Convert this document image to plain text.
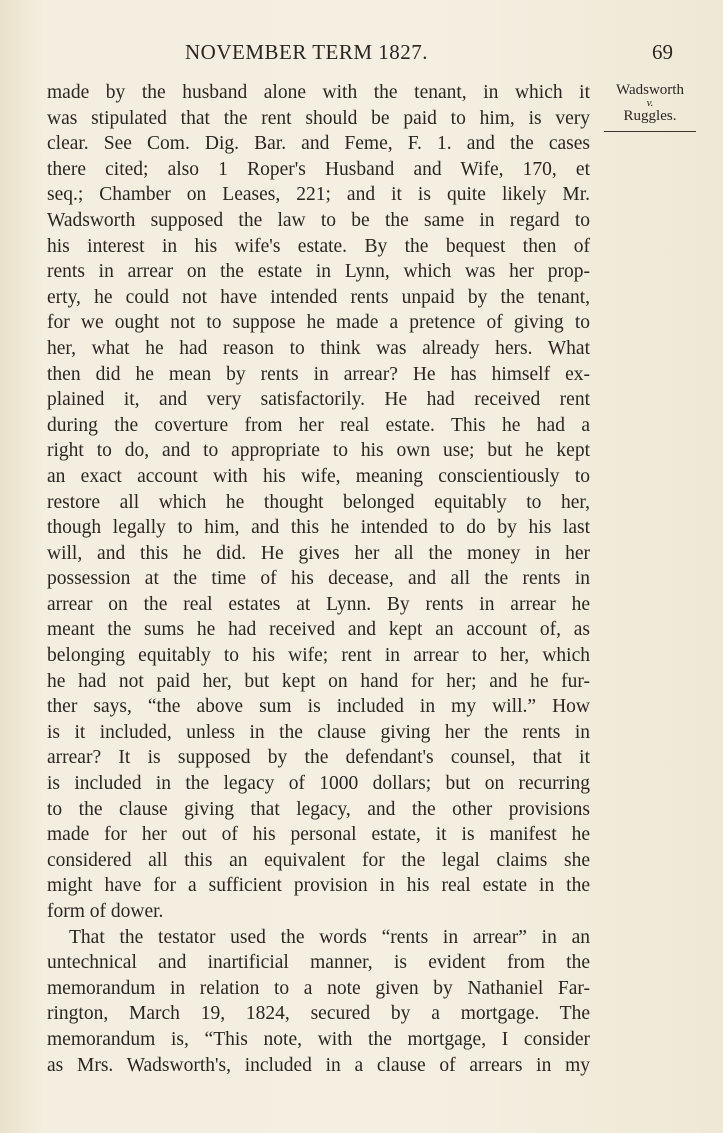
NOVEMBER TERM 1827.	69
Wadsworth
v.
Ruggles.
made by the husband alone with the tenant, in which it
was stipulated that the rent should be paid to him, is very
clear. See Com. Dig. Bar. and Feme, F. 1. and the cases
there cited; also 1 Roper's Husband and Wife, 170, et
seq.; Chamber on Leases, 221; and it is quite likely Mr.
Wadsworth supposed the law to be the same in regard to
his interest in his wife's estate. By the bequest then of
rents in arrear on the estate in Lynn, which was her prop-
erty, he could not have intended rents unpaid by the tenant,
for we ought not to suppose he made a pretence of giving to
her, what he had reason to think was already hers. What
then did he mean by rents in arrear? He has himself ex-
plained it, and very satisfactorily. He had received rent
during the coverture from her real estate. This he had a
right to do, and to appropriate to his own use; but he kept
an exact account with his wife, meaning conscientiously to
restore all which he thought belonged equitably to her,
though legally to him, and this he intended to do by his last
will, and this he did. He gives her all the money in her
possession at the time of his decease, and all the rents in
arrear on the real estates at Lynn. By rents in arrear he
meant the sums he had received and kept an account of, as
belonging equitably to his wife; rent in arrear to her, which
he had not paid her, but kept on hand for her; and he fur-
ther says, “the above sum is included in my will.” How
is it included, unless in the clause giving her the rents in
arrear? It is supposed by the defendant's counsel, that it
is included in the legacy of 1000 dollars; but on recurring
to the clause giving that legacy, and the other provisions
made for her out of his personal estate, it is manifest he
considered all this an equivalent for the legal claims she
might have for a sufficient provision in his real estate in the
form of dower.
That the testator used the words “rents in arrear” in an
untechnical and inartificial manner, is evident from the
memorandum in relation to a note given by Nathaniel Far-
rington, March 19, 1824, secured by a mortgage. The
memorandum is, “This note, with the mortgage, I consider
as Mrs. Wadsworth's, included in a clause of arrears in my
